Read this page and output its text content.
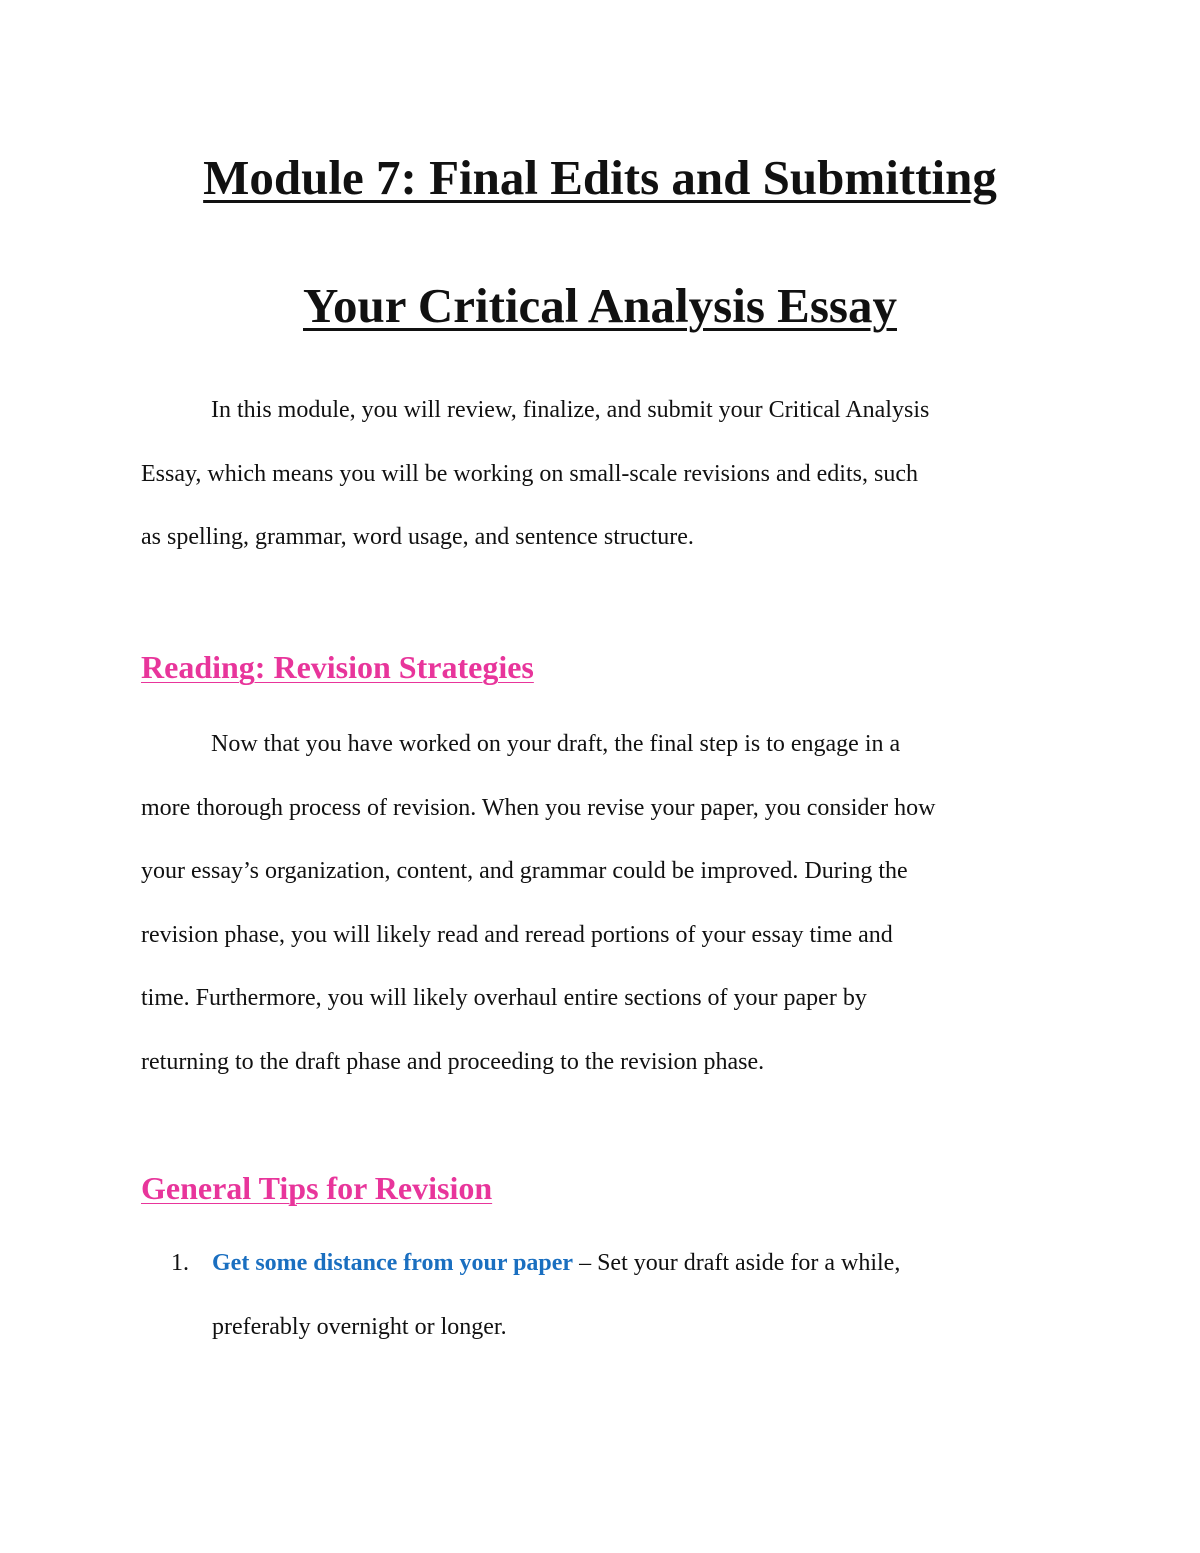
Module 7: Final Edits and Submitting
Your Critical Analysis Essay

In this module, you will review, finalize, and submit your Critical Analysis
Essay, which means you will be working on small-scale revisions and edits, such
as spelling, grammar, word usage, and sentence structure.

Reading: Revision Strategies

Now that you have worked on your draft, the final step is to engage in a
more thorough process of revision. When you revise your paper, you consider how
your essay’s organization, content, and grammar could be improved. During the
revision phase, you will likely read and reread portions of your essay time and
time. Furthermore, you will likely overhaul entire sections of your paper by
returning to the draft phase and proceeding to the revision phase.

General Tips for Revision
1. Get some distance from your paper – Set your draft aside for a while,
preferably overnight or longer.
